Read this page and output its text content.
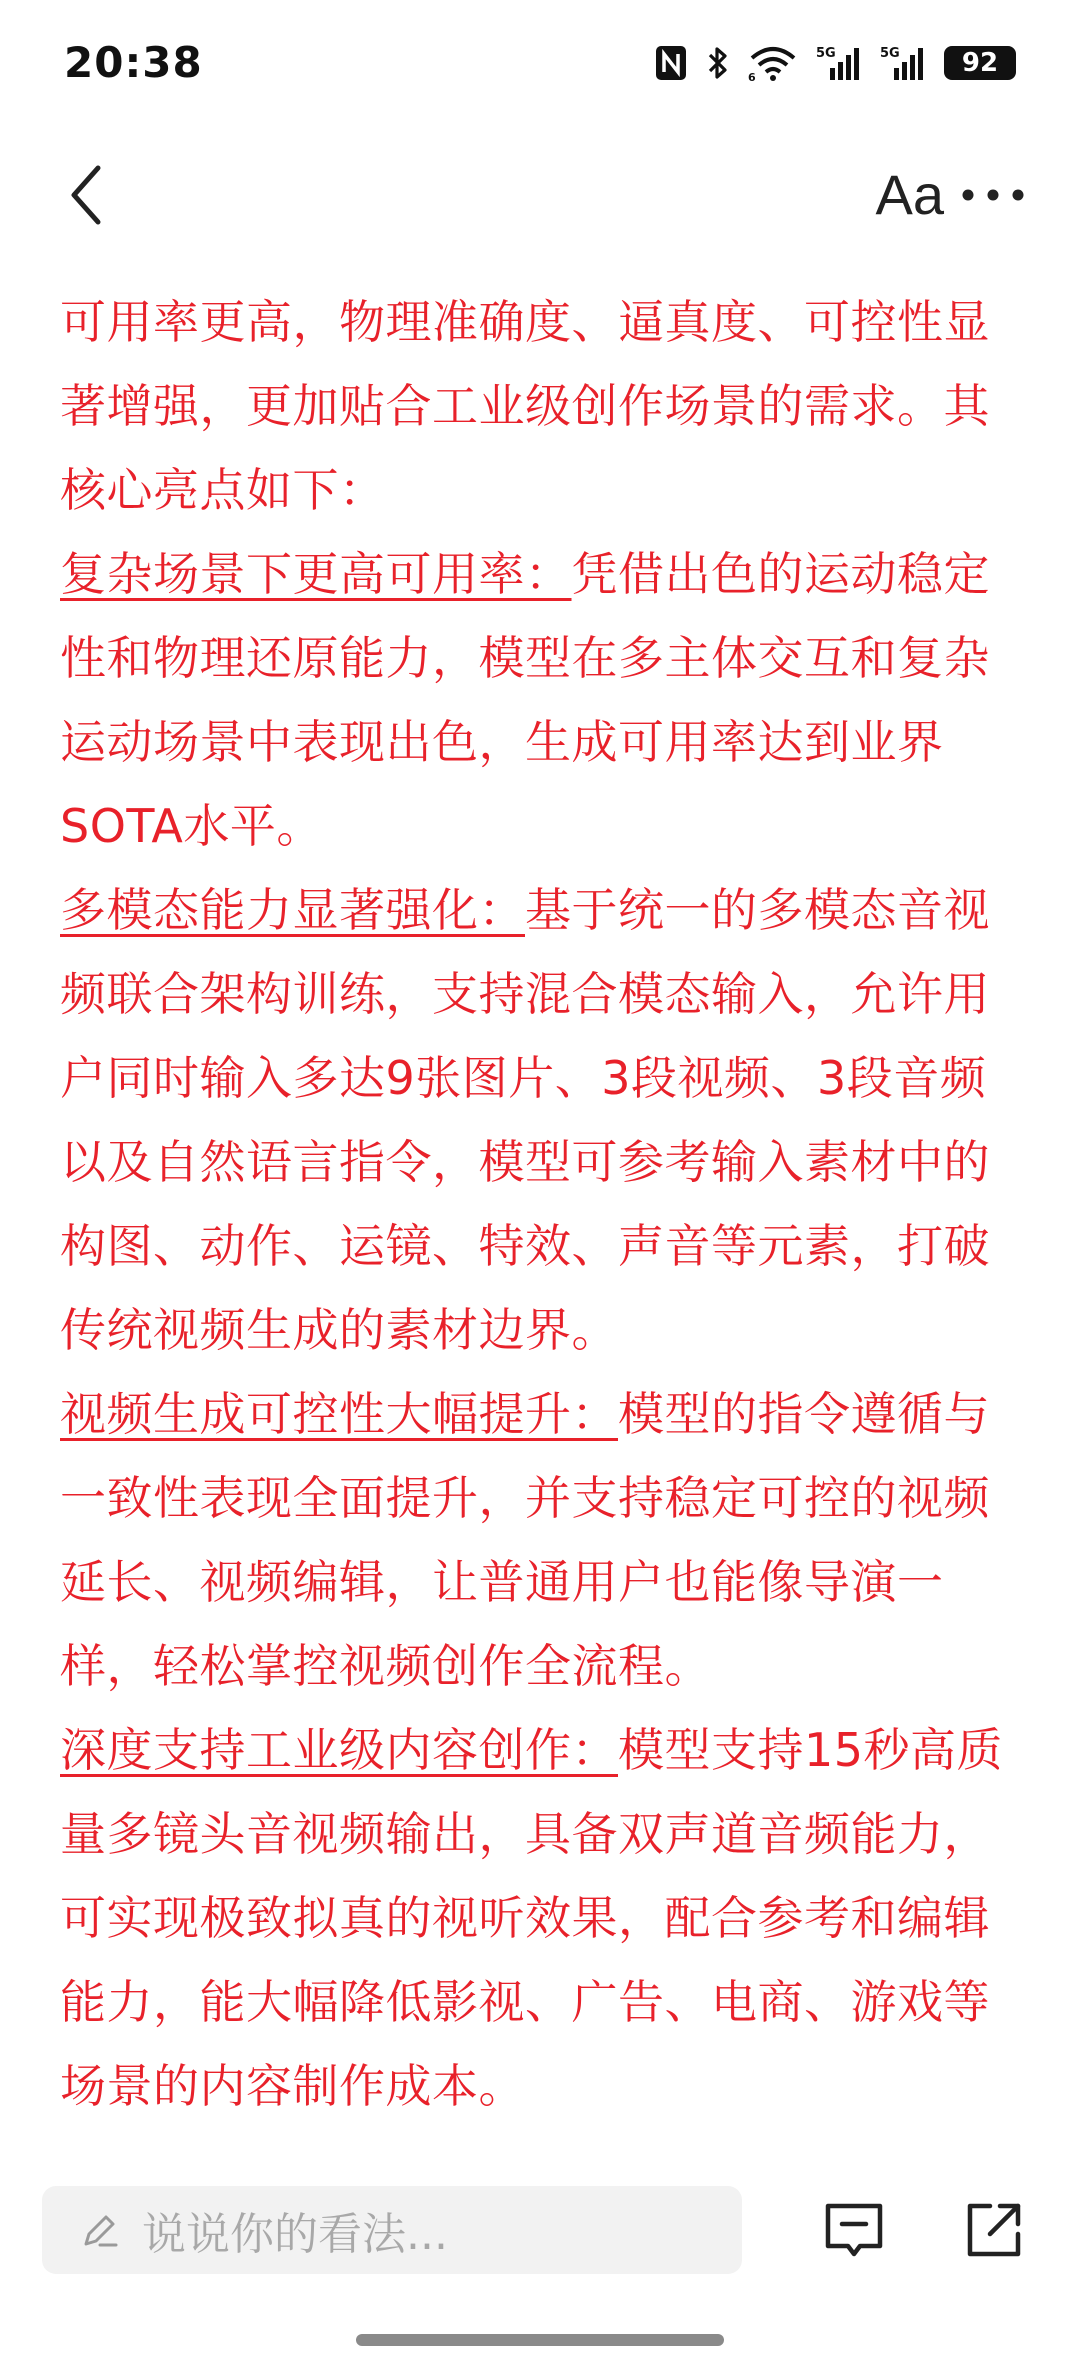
20:38	6
5G	5G	92
Aa

可用率更高，物理准确度、逼真度、可控性显著增强，更加贴合工业级创作场景的需求。其核心亮点如下：

复杂场景下更高可用率：凭借出色的运动稳定性和物理还原能力，模型在多主体交互和复杂运动场景中表现出色，生成可用率达到业界SOTA水平。

多模态能力显著强化：基于统一的多模态音视频联合架构训练，支持混合模态输入，允许用户同时输入多达9张图片、3段视频、3段音频以及自然语言指令，模型可参考输入素材中的构图、动作、运镜、特效、声音等元素，打破传统视频生成的素材边界。

视频生成可控性大幅提升：模型的指令遵循与一致性表现全面提升，并支持稳定可控的视频延长、视频编辑，让普通用户也能像导演一样，轻松掌控视频创作全流程。

深度支持工业级内容创作：模型支持15秒高质量多镜头音视频输出，具备双声道音频能力，可实现极致拟真的视听效果，配合参考和编辑能力，能大幅降低影视、广告、电商、游戏等场景的内容制作成本。

说说你的看法...
